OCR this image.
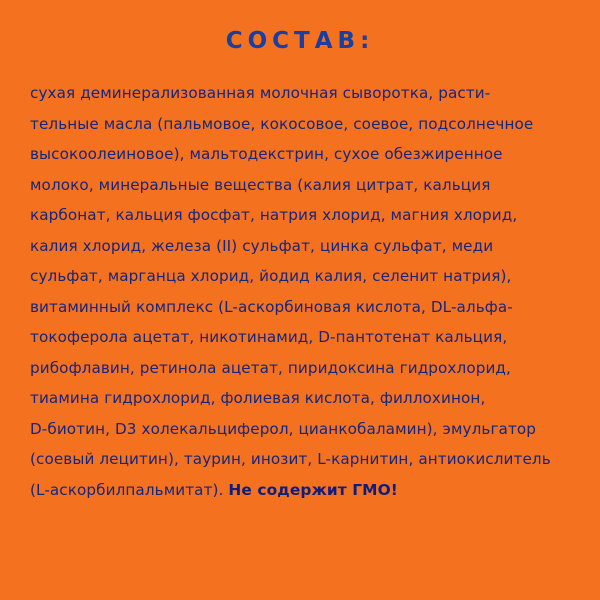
СОСТАВ:
сухая деминерализованная молочная сыворотка, расти-
тельные масла (пальмовое, кокосовое, соевое, подсолнечное
высокоолеиновое), мальтодекстрин, сухое обезжиренное
молоко, минеральные вещества (калия цитрат, кальция
карбонат, кальция фосфат, натрия хлорид, магния хлорид,
калия хлорид, железа (II) сульфат, цинка сульфат, меди
сульфат, марганца хлорид, йодид калия, селенит натрия),
витаминный комплекс (L-аскорбиновая кислота, DL-альфа-
токоферола ацетат, никотинамид, D-пантотенат кальция,
рибофлавин, ретинола ацетат, пиридоксина гидрохлорид,
тиамина гидрохлорид, фолиевая кислота, филлохинон,
D-биотин, D3 холекальциферол, цианкобаламин), эмульгатор
(соевый лецитин), таурин, инозит, L-карнитин, антиокислитель
(L-аскорбилпальмитат). Не содержит ГМО!
